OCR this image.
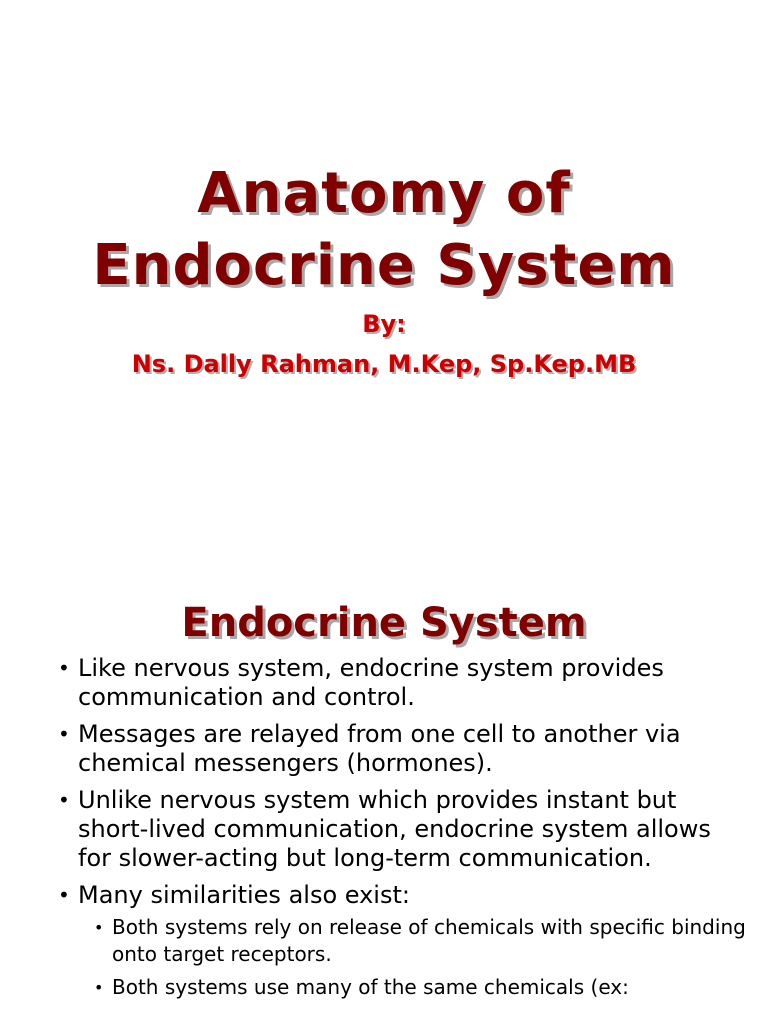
Anatomy of
Endocrine System

By:

Ns. Dally Rahman, M.Kep, Sp.Kep.MB

Endocrine System
• Like nervous system, endocrine system provides communication and control.
• Messages are relayed from one cell to another via chemical messengers (hormones).
• Unlike nervous system which provides instant but short-lived communication, endocrine system allows for slower-acting but long-term communication.
• Many similarities also exist:
• Both systems rely on release of chemicals with specific binding onto target receptors.
• Both systems use many of the same chemicals (ex:
